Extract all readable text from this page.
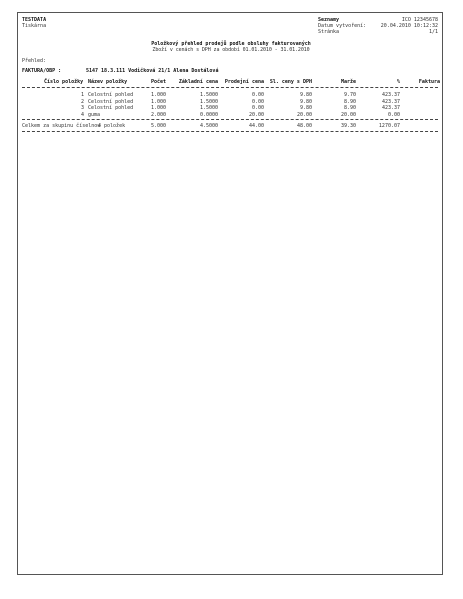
TESTDATA
Tiskárna
Seznamy	ICO 12345678
Datum vytvoření:	20.04.2010 10:12:32
Stránka	1/1
Položkový přehled prodejů podle obsluhy fakturovaných
Zboží v cenách s DPH za období 01.01.2010 - 31.01.2010
Přehled:
FAKTURA/OBP :	5147 18.3.111 Vodičková 21/1 Alena Dostálová
Číslo položky Název položky	Počet	Základní cena	Prodejní cena	Sl. ceny s DPH	Marže	%	Faktura
1 Celostní pohled	1.000	1.5000	0.00	9.80	9.70	423.37
2 Celostní pohled	1.000	1.5000	0.00	9.80	8.90	423.37
3 Celostní pohled	1.000	1.5000	0.00	9.80	8.90	423.37
4 guma	2.000	0.0000	20.00	20.00	20.00	0.00
Celkem za skupinu číselnou
4 položek	5.000	4.5000	44.00	48.00	39.30	1270.07
